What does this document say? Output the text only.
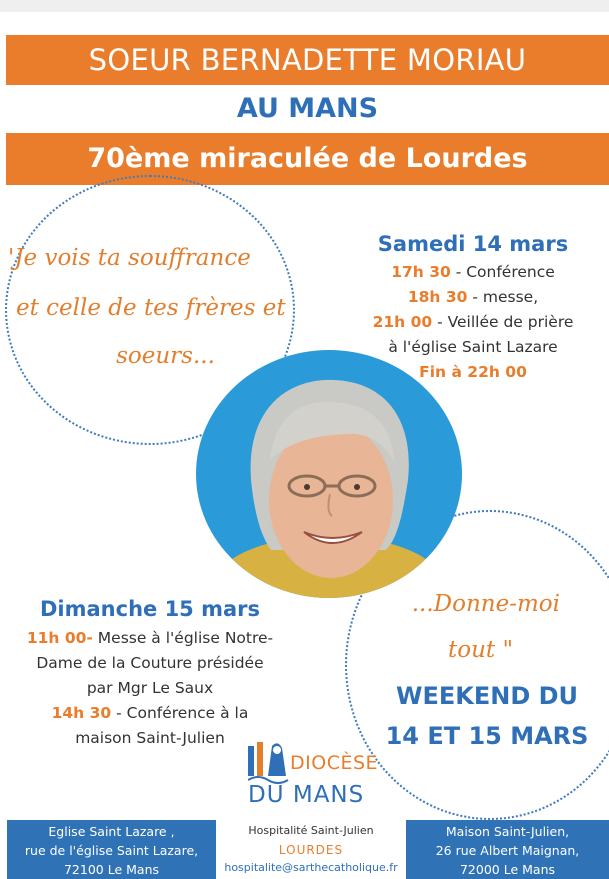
SOEUR BERNADETTE MORIAU
AU MANS
70ème miraculée de Lourdes
'Je vois ta souffrance
et celle de tes frères et
soeurs...
Samedi 14 mars
17h 30 - Conférence
18h 30 - messe,
21h 00 - Veillée de prière
à l'église Saint Lazare
Fin à 22h 00
Dimanche 15 mars
11h 00- Messe à l'église Notre-
Dame de la Couture présidée
par Mgr Le Saux
14h 30 - Conférence à la
maison Saint-Julien
...Donne-moi
tout "
WEEKEND DU
14 ET 15 MARS
DIOCÈSE
DU MANS
Eglise Saint Lazare ,
rue de l'église Saint Lazare,
72100 Le Mans
Hospitalité Saint-Julien
LOURDES
hospitalite@sarthecatholique.fr
Maison Saint-Julien,
26 rue Albert Maignan,
72000 Le Mans
